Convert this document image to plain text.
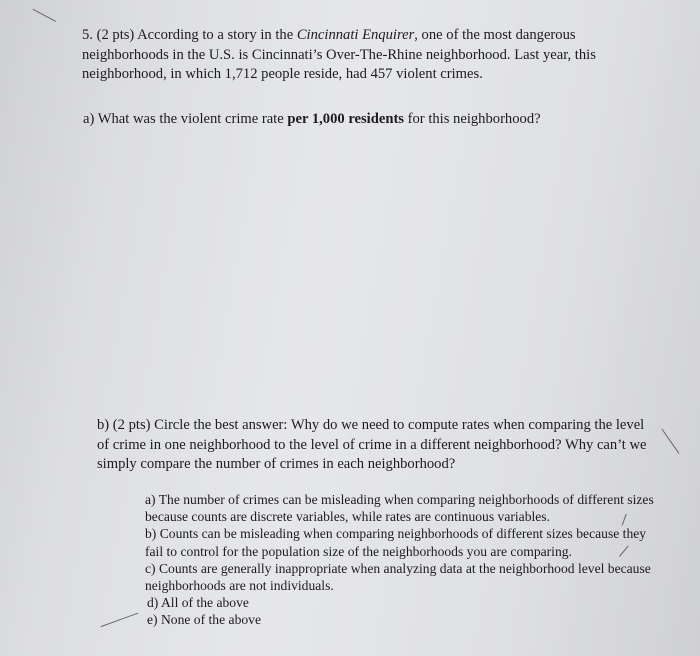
5. (2 pts) According to a story in the Cincinnati Enquirer, one of the most dangerous neighborhoods in the U.S. is Cincinnati’s Over-The-Rhine neighborhood. Last year, this neighborhood, in which 1,712 people reside, had 457 violent crimes.

a) What was the violent crime rate per 1,000 residents for this neighborhood?

b) (2 pts) Circle the best answer: Why do we need to compute rates when comparing the level of crime in one neighborhood to the level of crime in a different neighborhood? Why can’t we simply compare the number of crimes in each neighborhood?

a) The number of crimes can be misleading when comparing neighborhoods of different sizes because counts are discrete variables, while rates are continuous variables.
b) Counts can be misleading when comparing neighborhoods of different sizes because they fail to control for the population size of the neighborhoods you are comparing.
c) Counts are generally inappropriate when analyzing data at the neighborhood level because neighborhoods are not individuals.
d) All of the above
e) None of the above
